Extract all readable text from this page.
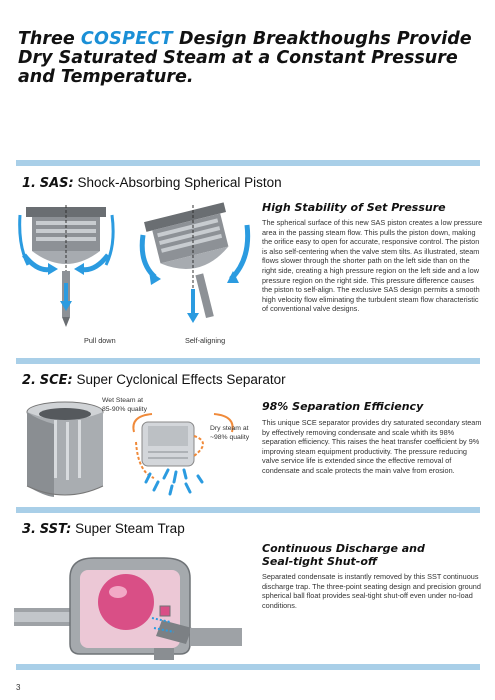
Three COSPECT Design Breakthoughs Provide Dry Saturated Steam at a Constant Pressure and Temperature.
1. SAS: Shock-Absorbing Spherical Piston
Pull down	Self-aligning
High Stability of Set Pressure
The spherical surface of this new SAS piston creates a low pressure area in the passing steam flow. This pulls the piston down, making the orifice easy to open for accurate, responsive control. The piston is also self-centering when the valve stem tilts. As illustrated, steam flows slower through the shorter path on the left side than on the right side, creating a high pressure region on the left side and a low pressure region on the right side. This pressure difference causes the piston to self-align. The exclusive SAS design permits a smooth high velocity flow eliminating the turbulent steam flow characteristic of conventional valve designs.
2. SCE: Super Cyclonical Effects Separator
Wet Steam at
85-90% quality
Dry steam at
~98% quality
98% Separation Efficiency
This unique SCE separator provides dry saturated secondary steam by effectively removing condensate and scale whith its 98% separation efficiency. This raises the heat transfer coefficient by 9% improving steam equipment productivity. The pressure reducing valve service life is extended since the effective removal of condensate and scale protects the main valve from erosion.
3. SST: Super Steam Trap
Continuous Discharge and
Seal-tight Shut-off
Separated condensate is instantly removed by this SST continuous discharge trap. The three-point seating design and precision ground spherical ball float provides seal-tight shut-off even under no-load conditions.
3
